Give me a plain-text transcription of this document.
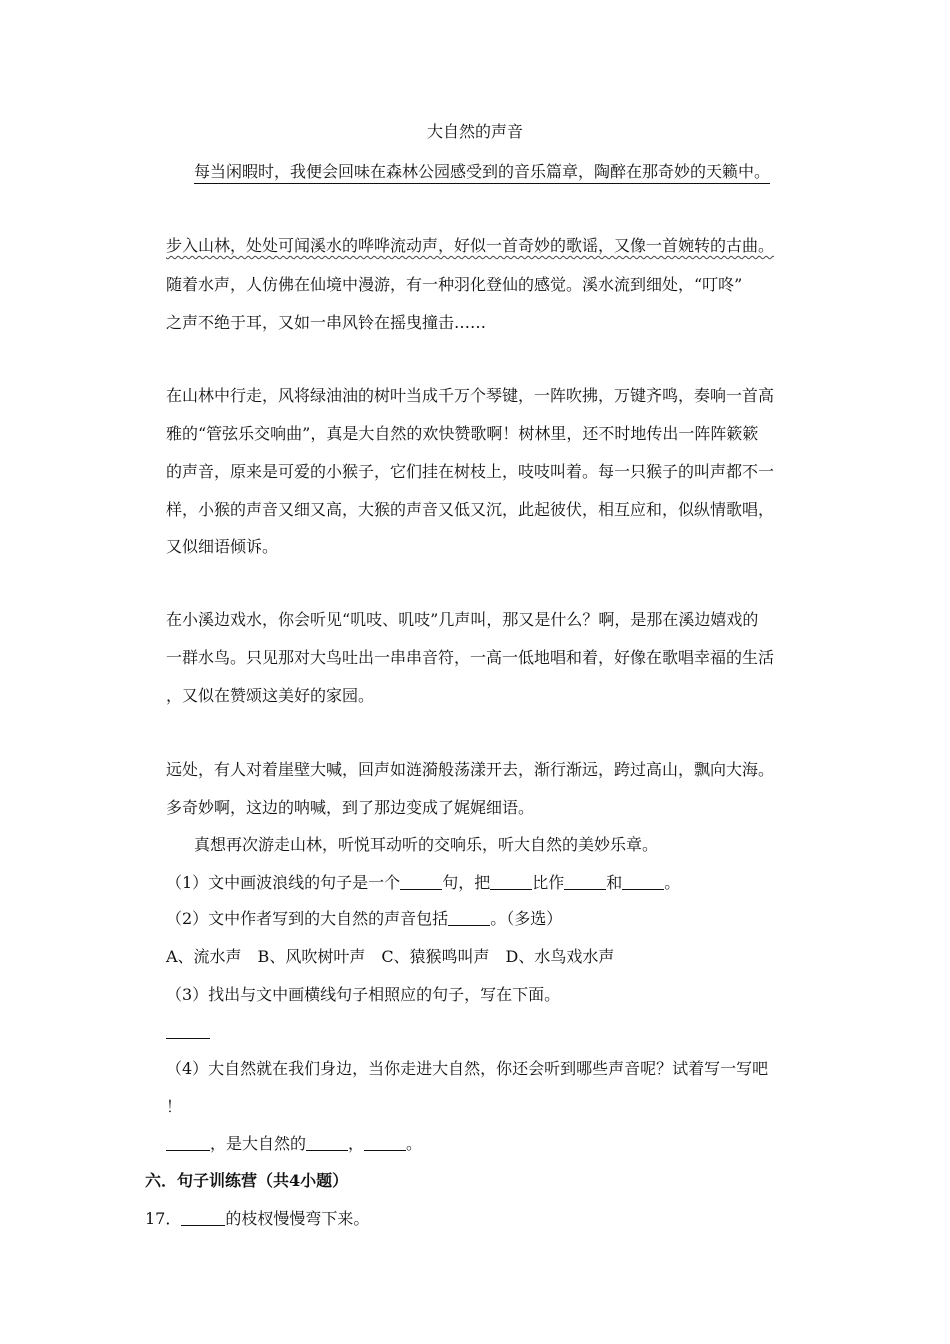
大自然的声音
每当闲暇时，我便会回味在森林公园感受到的音乐篇章，陶醉在那奇妙的天籁中。
步入山林，处处可闻溪水的哗哗流动声，好似一首奇妙的歌谣，又像一首婉转的古曲。
随着水声，人仿佛在仙境中漫游，有一种羽化登仙的感觉。溪水流到细处，“叮咚”
之声不绝于耳，又如一串风铃在摇曳撞击……
在山林中行走，风将绿油油的树叶当成千万个琴键，一阵吹拂，万键齐鸣，奏响一首高
雅的“管弦乐交响曲”，真是大自然的欢快赞歌啊！树林里，还不时地传出一阵阵簌簌
的声音，原来是可爱的小猴子，它们挂在树枝上，吱吱叫着。每一只猴子的叫声都不一
样，小猴的声音又细又高，大猴的声音又低又沉，此起彼伏，相互应和，似纵情歌唱，
又似细语倾诉。
在小溪边戏水，你会听见“叽吱、叽吱”几声叫，那又是什么？啊，是那在溪边嬉戏的
一群水鸟。只见那对大鸟吐出一串串音符，一高一低地唱和着，好像在歌唱幸福的生活
，又似在赞颂这美好的家园。
远处，有人对着崖壁大喊，回声如涟漪般荡漾开去，渐行渐远，跨过高山，飘向大海。
多奇妙啊，这边的呐喊，到了那边变成了娓娓细语。
真想再次游走山林，听悦耳动听的交响乐，听大自然的美妙乐章。
（1）文中画波浪线的句子是一个	句，把	比作	和	。
（2）文中作者写到的大自然的声音包括	。（多选）
A、流水声　B、风吹树叶声　C、猿猴鸣叫声　D、水鸟戏水声
（3）找出与文中画横线句子相照应的句子，写在下面。
（4）大自然就在我们身边，当你走进大自然，你还会听到哪些声音呢？试着写一写吧
！
，是大自然的	，	。
六．句子训练营（共4小题）
17．	的枝杈慢慢弯下来。
